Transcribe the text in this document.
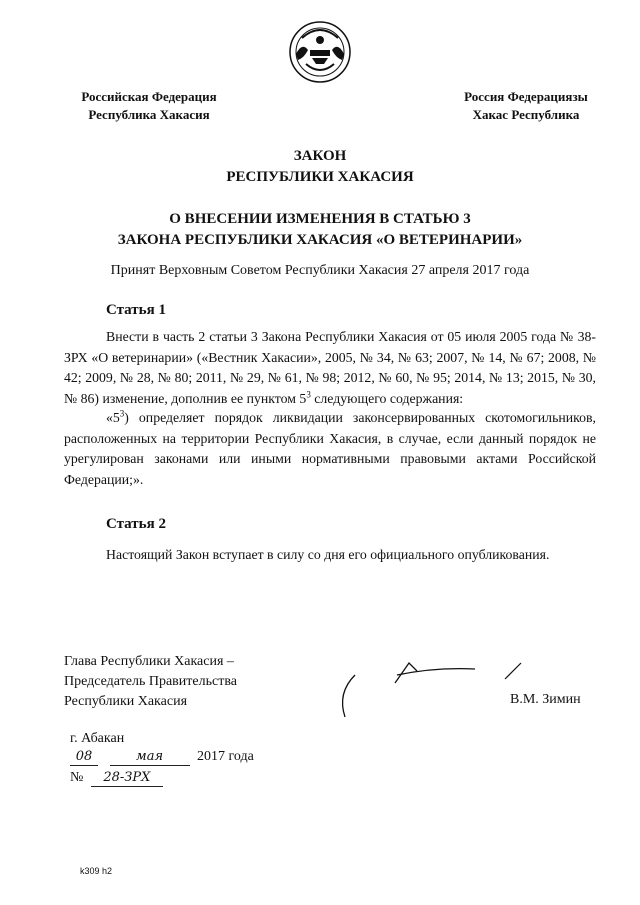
Российская Федерация
Республика Хакасия
Россия Федерациязы
Хакас Республика
ЗАКОН
РЕСПУБЛИКИ ХАКАСИЯ
О ВНЕСЕНИИ ИЗМЕНЕНИЯ В СТАТЬЮ 3
ЗАКОНА РЕСПУБЛИКИ ХАКАСИЯ «О ВЕТЕРИНАРИИ»
Принят Верховным Советом Республики Хакасия 27 апреля 2017 года
Статья 1
Внести в часть 2 статьи 3 Закона Республики Хакасия от 05 июля 2005 года № 38-ЗРХ «О ветеринарии» («Вестник Хакасии», 2005, № 34, № 63; 2007, № 14, № 67; 2008, № 42; 2009, № 28, № 80; 2011, № 29, № 61, № 98; 2012, № 60, № 95; 2014, № 13; 2015, № 30, № 86) изменение, дополнив ее пунктом $5^3$ следующего содержания:
«$5^3$) определяет порядок ликвидации законсервированных скотомогильников, расположенных на территории Республики Хакасия, в случае, если данный порядок не урегулирован законами или иными нормативными правовыми актами Российской Федерации;».
Статья 2
Настоящий Закон вступает в силу со дня его официального опубликования.
Глава Республики Хакасия –
Председатель Правительства
Республики Хакасия	В.М. Зимин
г. Абакан
08	мая 2017 года
№ 28-ЗРХ
k309 h2
